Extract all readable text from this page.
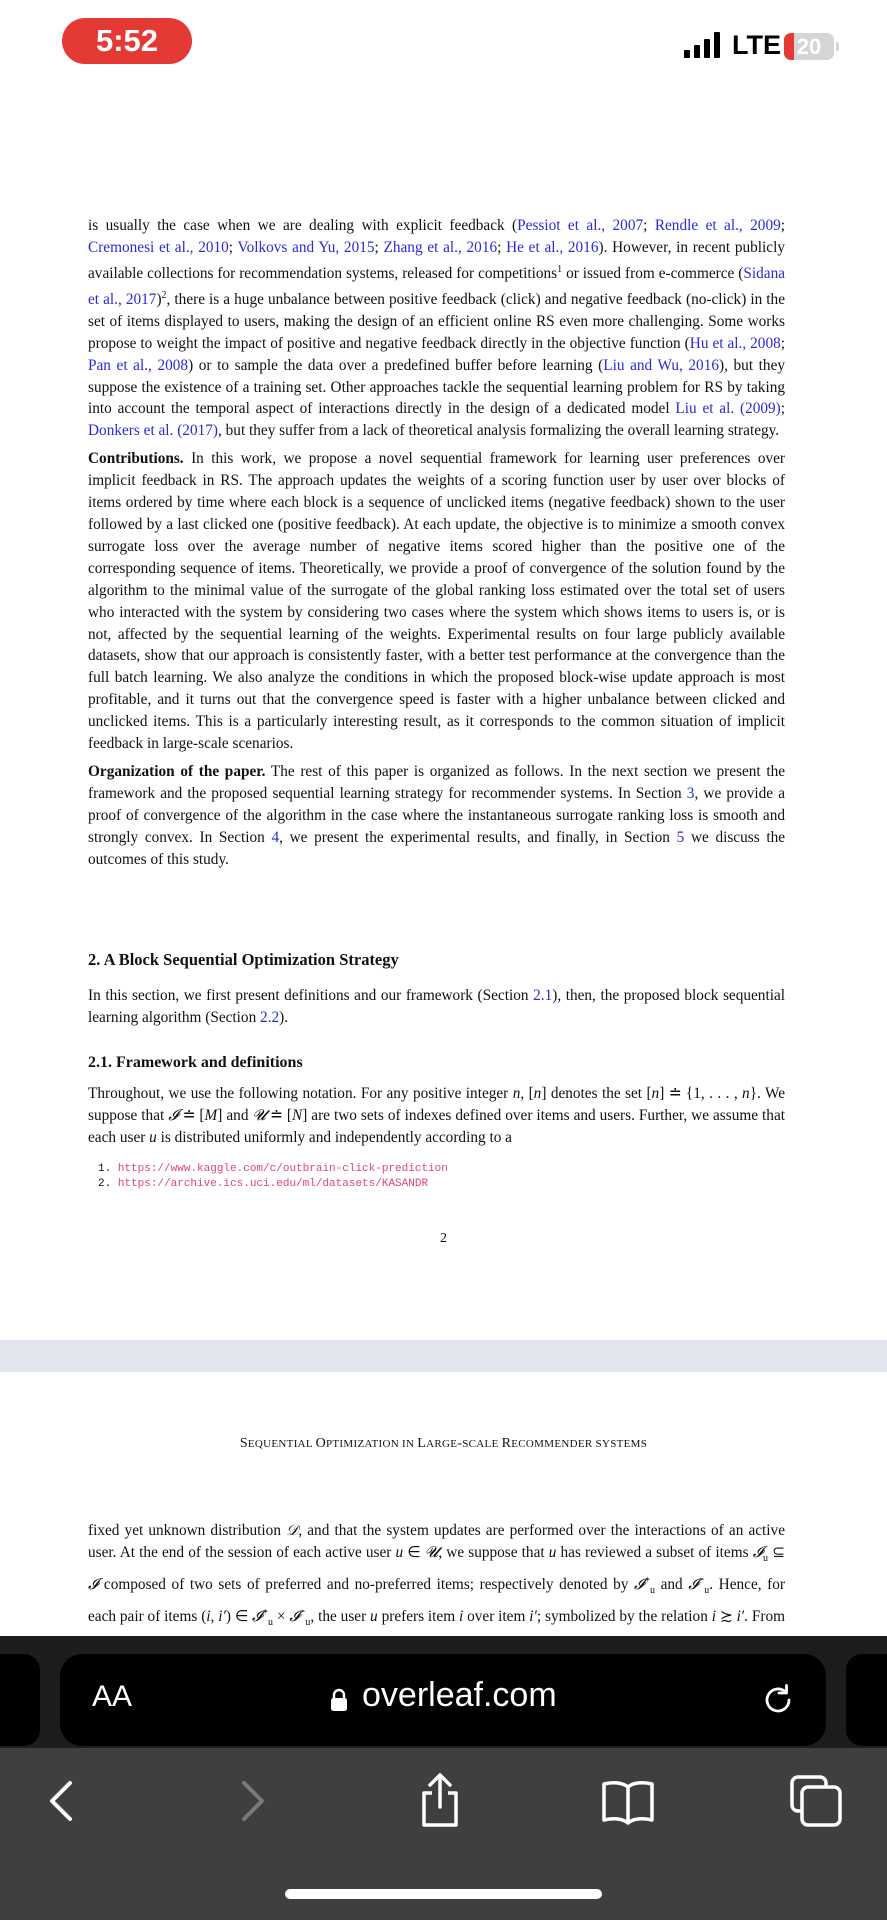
5:52	LTE 20

is usually the case when we are dealing with explicit feedback (Pessiot et al., 2007; Rendle et al., 2009; Cremonesi et al., 2010; Volkovs and Yu, 2015; Zhang et al., 2016; He et al., 2016). However, in recent publicly available collections for recommendation systems, released for competitions$^1$ or issued from e-commerce (Sidana et al., 2017)$^2$, there is a huge unbalance between positive feedback (click) and negative feedback (no-click) in the set of items displayed to users, making the design of an efficient online RS even more challenging. Some works propose to weight the impact of positive and negative feedback directly in the objective function (Hu et al., 2008; Pan et al., 2008) or to sample the data over a predefined buffer before learning (Liu and Wu, 2016), but they suppose the existence of a training set. Other approaches tackle the sequential learning problem for RS by taking into account the temporal aspect of interactions directly in the design of a dedicated model Liu et al. (2009); Donkers et al. (2017), but they suffer from a lack of theoretical analysis formalizing the overall learning strategy.

Contributions. In this work, we propose a novel sequential framework for learning user preferences over implicit feedback in RS. The approach updates the weights of a scoring function user by user over blocks of items ordered by time where each block is a sequence of unclicked items (negative feedback) shown to the user followed by a last clicked one (positive feedback). At each update, the objective is to minimize a smooth convex surrogate loss over the average number of negative items scored higher than the positive one of the corresponding sequence of items. Theoretically, we provide a proof of convergence of the solution found by the algorithm to the minimal value of the surrogate of the global ranking loss estimated over the total set of users who interacted with the system by considering two cases where the system which shows items to users is, or is not, affected by the sequential learning of the weights. Experimental results on four large publicly available datasets, show that our approach is consistently faster, with a better test performance at the convergence than the full batch learning. We also analyze the conditions in which the proposed block-wise update approach is most profitable, and it turns out that the convergence speed is faster with a higher unbalance between clicked and unclicked items. This is a particularly interesting result, as it corresponds to the common situation of implicit feedback in large-scale scenarios.

Organization of the paper. The rest of this paper is organized as follows. In the next section we present the framework and the proposed sequential learning strategy for recommender systems. In Section 3, we provide a proof of convergence of the algorithm in the case where the instantaneous surrogate ranking loss is smooth and strongly convex. In Section 4, we present the experimental results, and finally, in Section 5 we discuss the outcomes of this study.

2. A Block Sequential Optimization Strategy

In this section, we first present definitions and our framework (Section 2.1), then, the proposed block sequential learning algorithm (Section 2.2).

2.1. Framework and definitions

Throughout, we use the following notation. For any positive integer n, [n] denotes the set [n] ≐ {1, . . . , n}. We suppose that 𝓘 ≐ [M] and 𝓤 ≐ [N] are two sets of indexes defined over items and users. Further, we assume that each user u is distributed uniformly and independently according to a

1. https://www.kaggle.com/c/outbrain-click-prediction
2. https://archive.ics.uci.edu/ml/datasets/KASANDR
2
SEQUENTIAL OPTIMIZATION IN LARGE-SCALE RECOMMENDER SYSTEMS

fixed yet unknown distribution 𝒟, and that the system updates are performed over the interactions of an active user. At the end of the session of each active user u ∈ 𝓤, we suppose that u has reviewed a subset of items 𝓘$_u$ ⊆ 𝓘 composed of two sets of preferred and no-preferred items; respectively denoted by 𝓘+$_u$ and 𝓘−$_u$. Hence, for each pair of items (i, i′) ∈ 𝓘+$_u$ × 𝓘−$_u$, the user u prefers item i over item i′; symbolized by the relation i ≿ i′. From

AA	overleaf.com
